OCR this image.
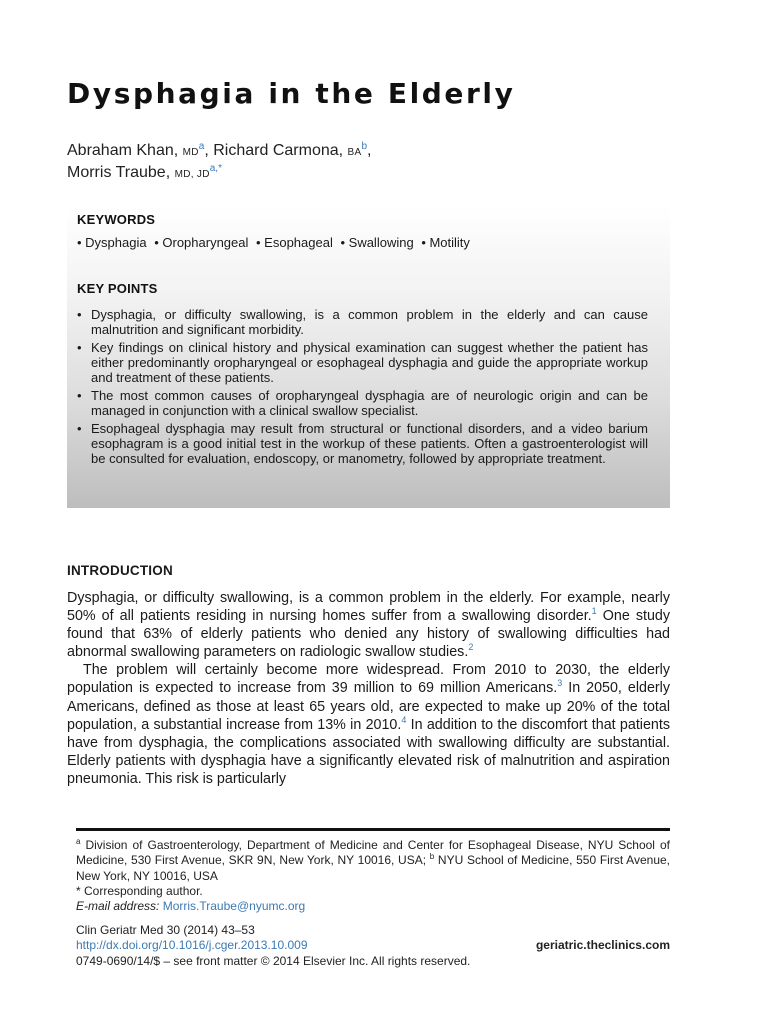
Dysphagia in the Elderly
Abraham Khan, $MD^a$, Richard Carmona, $BA^b$,
Morris Traube, MD, $JD^{a,*}$
KEYWORDS
• Dysphagia • Oropharyngeal • Esophageal • Swallowing • Motility
KEY POINTS
• Dysphagia, or difficulty swallowing, is a common problem in the elderly and can cause malnutrition and significant morbidity.
• Key findings on clinical history and physical examination can suggest whether the patient has either predominantly oropharyngeal or esophageal dysphagia and guide the appropriate workup and treatment of these patients.
• The most common causes of oropharyngeal dysphagia are of neurologic origin and can be managed in conjunction with a clinical swallow specialist.
• Esophageal dysphagia may result from structural or functional disorders, and a video barium esophagram is a good initial test in the workup of these patients. Often a gastroenterologist will be consulted for evaluation, endoscopy, or manometry, followed by appropriate treatment.
INTRODUCTION

Dysphagia, or difficulty swallowing, is a common problem in the elderly. For example, nearly 50% of all patients residing in nursing homes suffer from a swallowing disorder.$^1$ One study found that 63% of elderly patients who denied any history of swallowing difficulties had abnormal swallowing parameters on radiologic swallow studies.$^2$

The problem will certainly become more widespread. From 2010 to 2030, the elderly population is expected to increase from 39 million to 69 million Americans.$^3$ In 2050, elderly Americans, defined as those at least 65 years old, are expected to make up 20% of the total population, a substantial increase from 13% in 2010.$^4$ In addition to the discomfort that patients have from dysphagia, the complications associated with swallowing difficulty are substantial. Elderly patients with dysphagia have a significantly elevated risk of malnutrition and aspiration pneumonia. This risk is particularly

$^a$ Division of Gastroenterology, Department of Medicine and Center for Esophageal Disease, NYU School of Medicine, 530 First Avenue, SKR 9N, New York, NY 10016, USA; $^b$ NYU School of Medicine, 550 First Avenue, New York, NY 10016, USA

* Corresponding author.

E-mail address: Morris.Traube@nyumc.org

Clin Geriatr Med 30 (2014) 43–53
http://dx.doi.org/10.1016/j.cger.2013.10.009	geriatric.theclinics.com
0749-0690/14/$ – see front matter © 2014 Elsevier Inc. All rights reserved.
